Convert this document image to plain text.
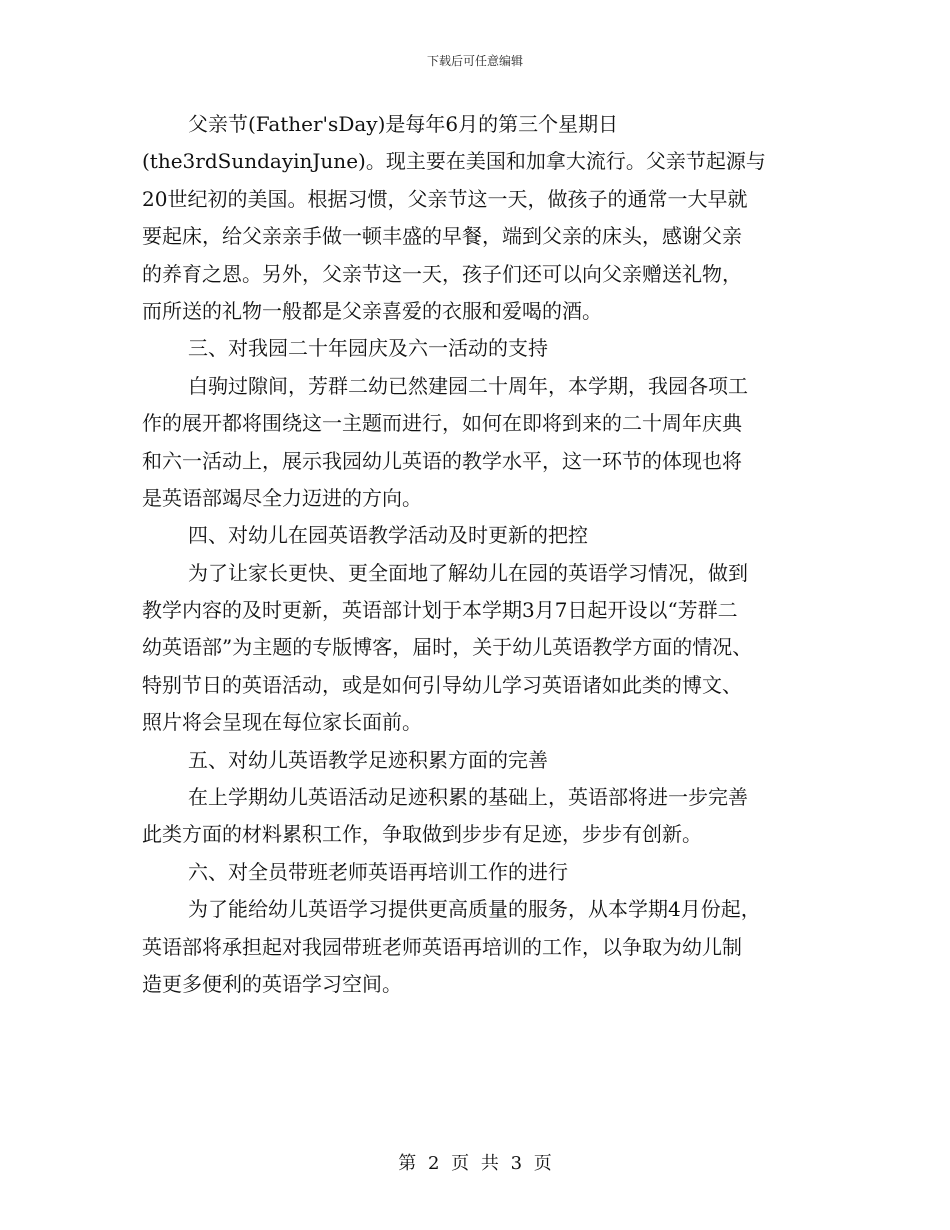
下载后可任意编辑
父亲节(Father'sDay)是每年6月的第三个星期日
(the3rdSundayinJune)。现主要在美国和加拿大流行。父亲节起源与
20世纪初的美国。根据习惯，父亲节这一天，做孩子的通常一大早就
要起床，给父亲亲手做一顿丰盛的早餐，端到父亲的床头，感谢父亲
的养育之恩。另外，父亲节这一天，孩子们还可以向父亲赠送礼物，
而所送的礼物一般都是父亲喜爱的衣服和爱喝的酒。
三、对我园二十年园庆及六一活动的支持
白驹过隙间，芳群二幼已然建园二十周年，本学期，我园各项工
作的展开都将围绕这一主题而进行，如何在即将到来的二十周年庆典
和六一活动上，展示我园幼儿英语的教学水平，这一环节的体现也将
是英语部竭尽全力迈进的方向。
四、对幼儿在园英语教学活动及时更新的把控
为了让家长更快、更全面地了解幼儿在园的英语学习情况，做到
教学内容的及时更新，英语部计划于本学期3月7日起开设以“芳群二
幼英语部”为主题的专版博客，届时，关于幼儿英语教学方面的情况、
特别节日的英语活动，或是如何引导幼儿学习英语诸如此类的博文、
照片将会呈现在每位家长面前。
五、对幼儿英语教学足迹积累方面的完善
在上学期幼儿英语活动足迹积累的基础上，英语部将进一步完善
此类方面的材料累积工作，争取做到步步有足迹，步步有创新。
六、对全员带班老师英语再培训工作的进行
为了能给幼儿英语学习提供更高质量的服务，从本学期4月份起，
英语部将承担起对我园带班老师英语再培训的工作，以争取为幼儿制
造更多便利的英语学习空间。
第 2 页 共 3 页
